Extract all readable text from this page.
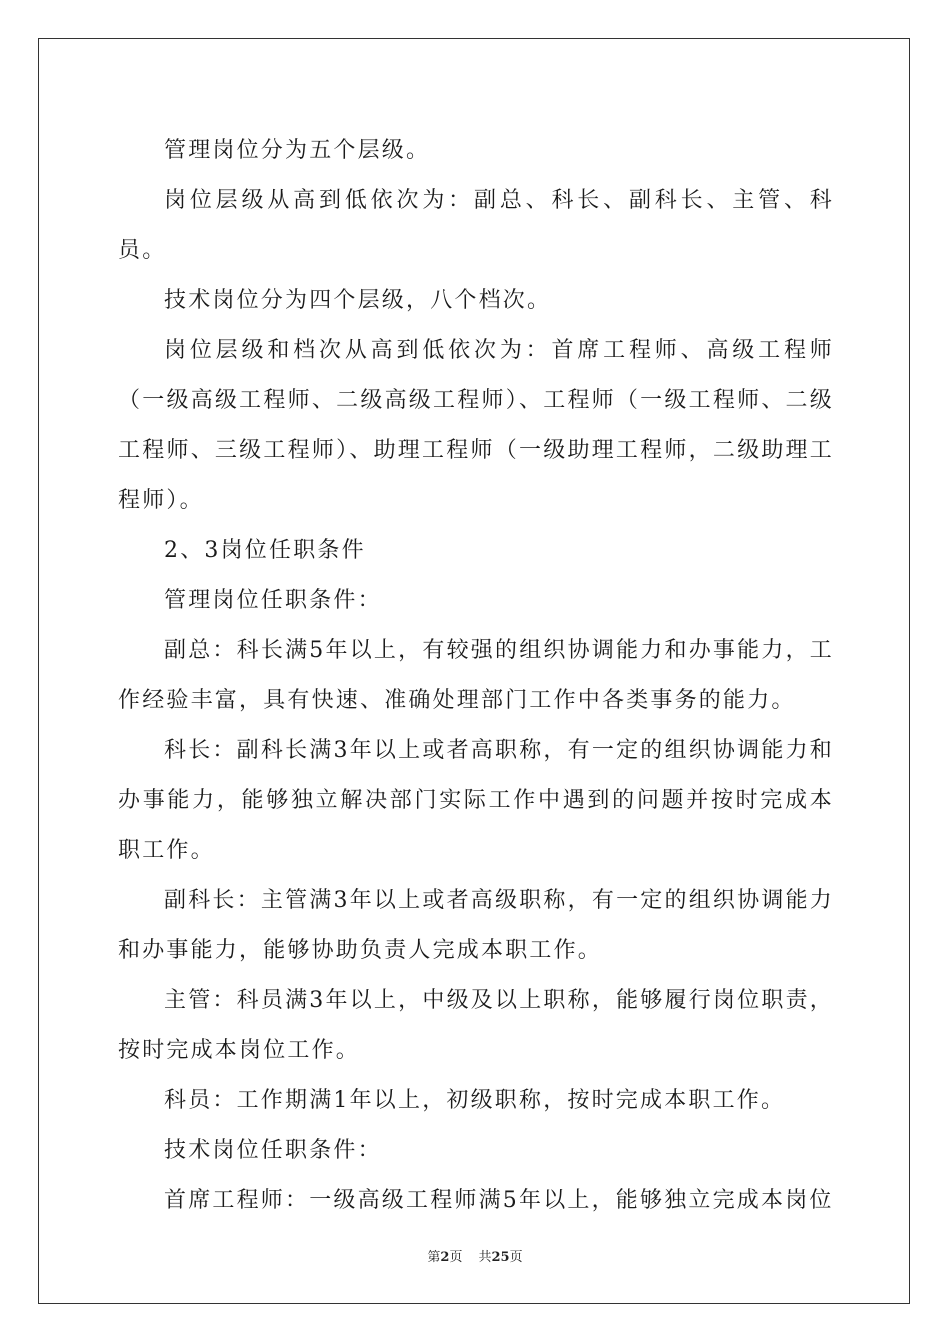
管理岗位分为五个层级。

岗位层级从高到低依次为：副总、科长、副科长、主管、科员。

技术岗位分为四个层级，八个档次。

岗位层级和档次从高到低依次为：首席工程师、高级工程师（一级高级工程师、二级高级工程师）、工程师（一级工程师、二级工程师、三级工程师）、助理工程师（一级助理工程师，二级助理工程师）。

2、3岗位任职条件

管理岗位任职条件：

副总：科长满5年以上，有较强的组织协调能力和办事能力，工作经验丰富，具有快速、准确处理部门工作中各类事务的能力。

科长：副科长满3年以上或者高职称，有一定的组织协调能力和办事能力，能够独立解决部门实际工作中遇到的问题并按时完成本职工作。

副科长：主管满3年以上或者高级职称，有一定的组织协调能力和办事能力，能够协助负责人完成本职工作。

主管：科员满3年以上，中级及以上职称，能够履行岗位职责，按时完成本岗位工作。

科员：工作期满1年以上，初级职称，按时完成本职工作。

技术岗位任职条件：

首席工程师：一级高级工程师满5年以上，能够独立完成本岗位

第2页 共25页
